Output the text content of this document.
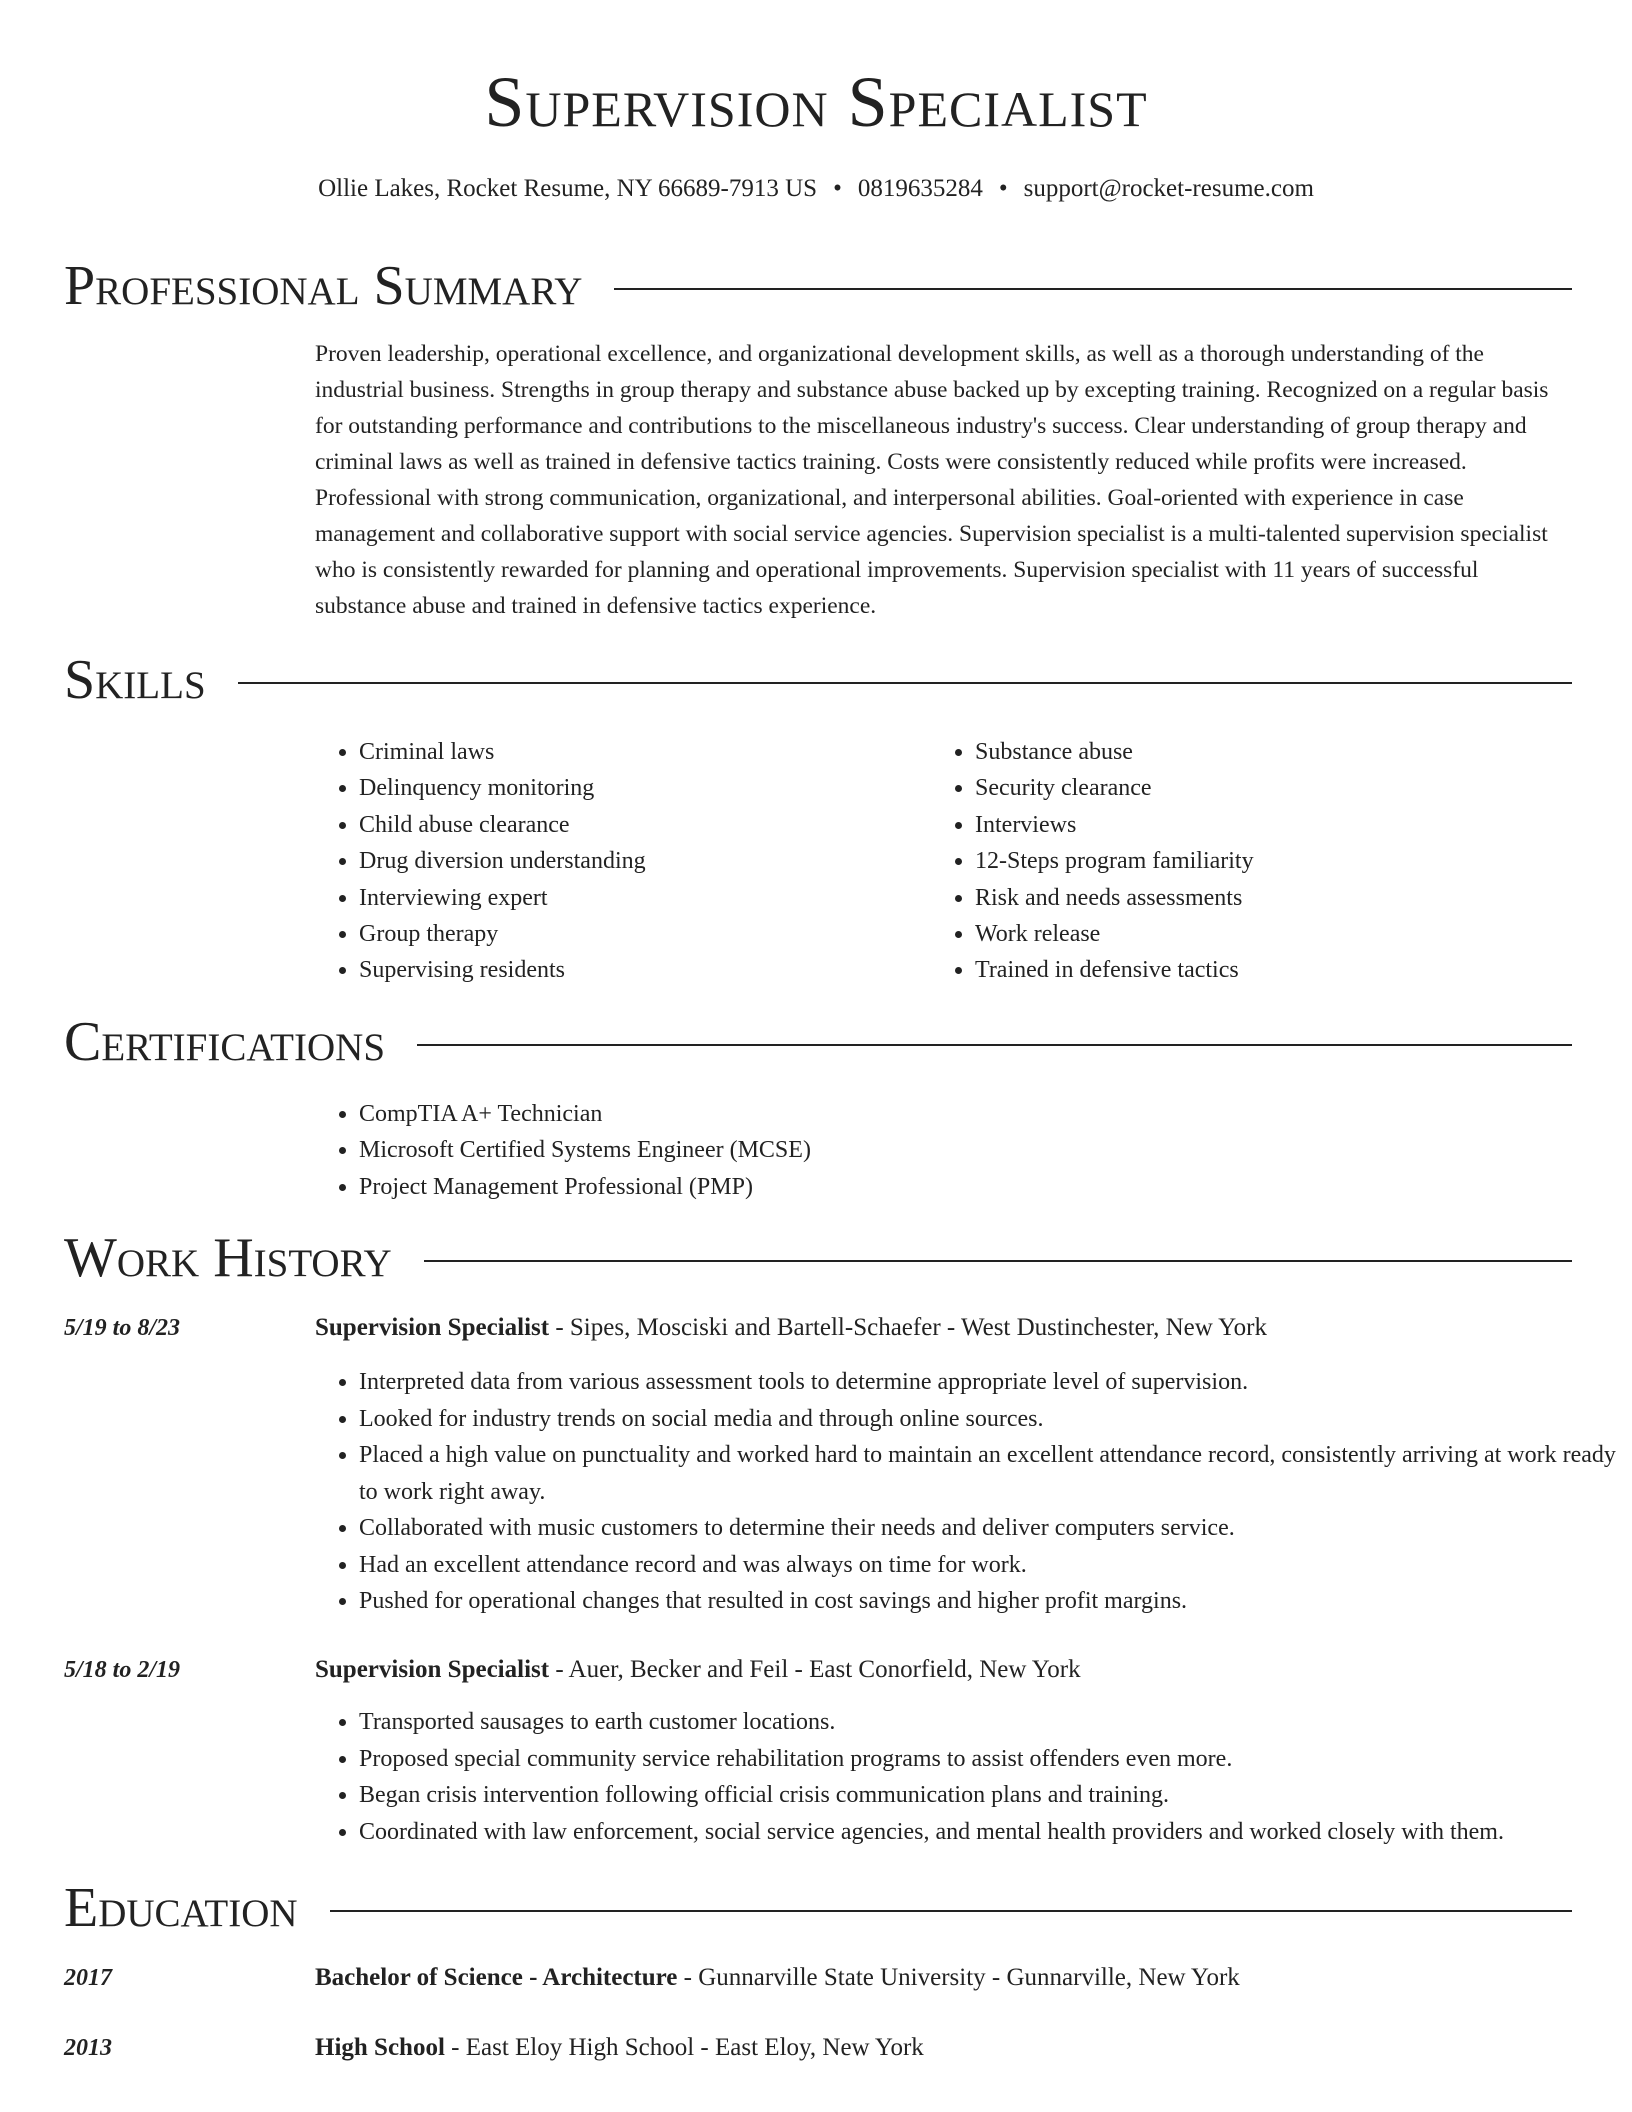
Supervision Specialist
Ollie Lakes, Rocket Resume, NY 66689-7913 US • 0819635284 • support@rocket-resume.com
Professional Summary

Proven leadership, operational excellence, and organizational development skills, as well as a thorough understanding of the industrial business. Strengths in group therapy and substance abuse backed up by excepting training. Recognized on a regular basis for outstanding performance and contributions to the miscellaneous industry's success. Clear understanding of group therapy and criminal laws as well as trained in defensive tactics training. Costs were consistently reduced while profits were increased. Professional with strong communication, organizational, and interpersonal abilities. Goal-oriented with experience in case management and collaborative support with social service agencies. Supervision specialist is a multi-talented supervision specialist who is consistently rewarded for planning and operational improvements. Supervision specialist with 11 years of successful substance abuse and trained in defensive tactics experience.

Skills
• Criminal laws
• Delinquency monitoring
• Child abuse clearance
• Drug diversion understanding
• Interviewing expert
• Group therapy
• Supervising residents
• Substance abuse
• Security clearance
• Interviews
• 12-Steps program familiarity
• Risk and needs assessments
• Work release
• Trained in defensive tactics
Certifications
• CompTIA A+ Technician
• Microsoft Certified Systems Engineer (MCSE)
• Project Management Professional (PMP)
Work History
5/19 to 8/23	Supervision Specialist - Sipes, Mosciski and Bartell-Schaefer - West Dustinchester, New York
• Interpreted data from various assessment tools to determine appropriate level of supervision.
• Looked for industry trends on social media and through online sources.
• Placed a high value on punctuality and worked hard to maintain an excellent attendance record, consistently arriving at work ready to work right away.
• Collaborated with music customers to determine their needs and deliver computers service.
• Had an excellent attendance record and was always on time for work.
• Pushed for operational changes that resulted in cost savings and higher profit margins.
5/18 to 2/19	Supervision Specialist - Auer, Becker and Feil - East Conorfield, New York
• Transported sausages to earth customer locations.
• Proposed special community service rehabilitation programs to assist offenders even more.
• Began crisis intervention following official crisis communication plans and training.
• Coordinated with law enforcement, social service agencies, and mental health providers and worked closely with them.
Education
2017	Bachelor of Science - Architecture - Gunnarville State University - Gunnarville, New York
2013	High School - East Eloy High School - East Eloy, New York
